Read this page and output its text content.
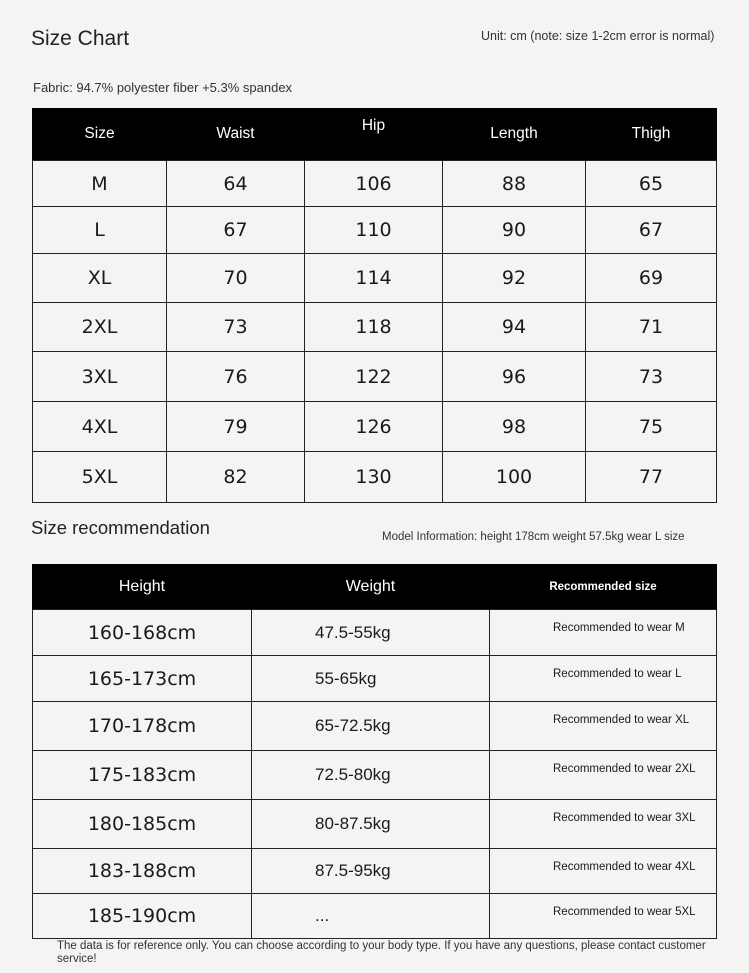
Size Chart	Unit: cm (note: size 1-2cm error is normal)
Fabric: 94.7% polyester fiber +5.3% spandex
Size	Waist	Hip	Length	Thigh
M	64	106	88	65
L	67	110	90	67
XL	70	114	92	69
2XL	73	118	94	71
3XL	76	122	96	73
4XL	79	126	98	75
5XL	82	130	100	77
Size recommendation	Model Information: height 178cm weight 57.5kg wear L size
Height	Weight	Recommended size
160-168cm	47.5-55kg	Recommended to wear M
165-173cm	55-65kg	Recommended to wear L
170-178cm	65-72.5kg	Recommended to wear XL
175-183cm	72.5-80kg	Recommended to wear 2XL
180-185cm	80-87.5kg	Recommended to wear 3XL
183-188cm	87.5-95kg	Recommended to wear 4XL
185-190cm	...	Recommended to wear 5XL
The data is for reference only. You can choose according to your body type. If you have any questions, please contact customer service!
